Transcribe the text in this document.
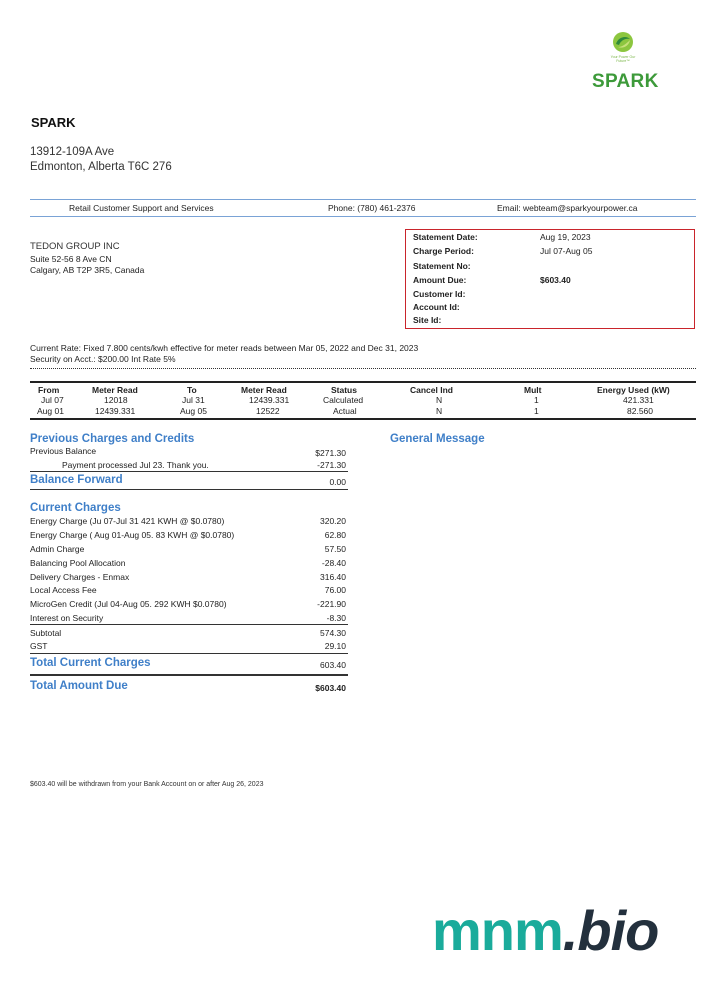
Your Power Our Future™
SPARK
SPARK
13912-109A Ave
Edmonton, Alberta T6C 276
Retail Customer Support and Services	Phone: (780) 461-2376	Email: webteam@sparkyourpower.ca
TEDON GROUP INC
Suite 52-56 8 Ave CN
Calgary, AB T2P 3R5, Canada
Statement Date:	Aug 19, 2023
Charge Period:	Jul 07-Aug 05
Statement No:
Amount Due:	$603.40
Customer Id:
Account Id:
Site Id:
Current Rate: Fixed 7.800 cents/kwh effective for meter reads between Mar 05, 2022 and Dec 31, 2023
Security on Acct.: $200.00 Int Rate 5%
From	Meter Read	To	Meter Read	Status	Cancel Ind	Mult	Energy Used (kW)
Jul 07	12018	Jul 31	12439.331	Calculated	N	1	421.331
Aug 01	12439.331	Aug 05	12522	Actual	N	1	82.560
Previous Charges and Credits
Previous Balance	$271.30
Payment processed Jul 23. Thank you.	-271.30
Balance Forward	0.00
General Message
Current Charges
Energy Charge (Ju 07-Jul 31 421 KWH @ $0.0780)	320.20
Energy Charge ( Aug 01-Aug 05. 83 KWH @ $0.0780)	62.80
Admin Charge	57.50
Balancing Pool Allocation	-28.40
Delivery Charges - Enmax	316.40
Local Access Fee	76.00
MicroGen Credit (Jul 04-Aug 05. 292 KWH $0.0780)	-221.90
Interest on Security	-8.30
Subtotal	574.30
GST	29.10
Total Current Charges	603.40
Total Amount Due	$603.40
$603.40 will be withdrawn from your Bank Account on or after Aug 26, 2023
mnm.bio
